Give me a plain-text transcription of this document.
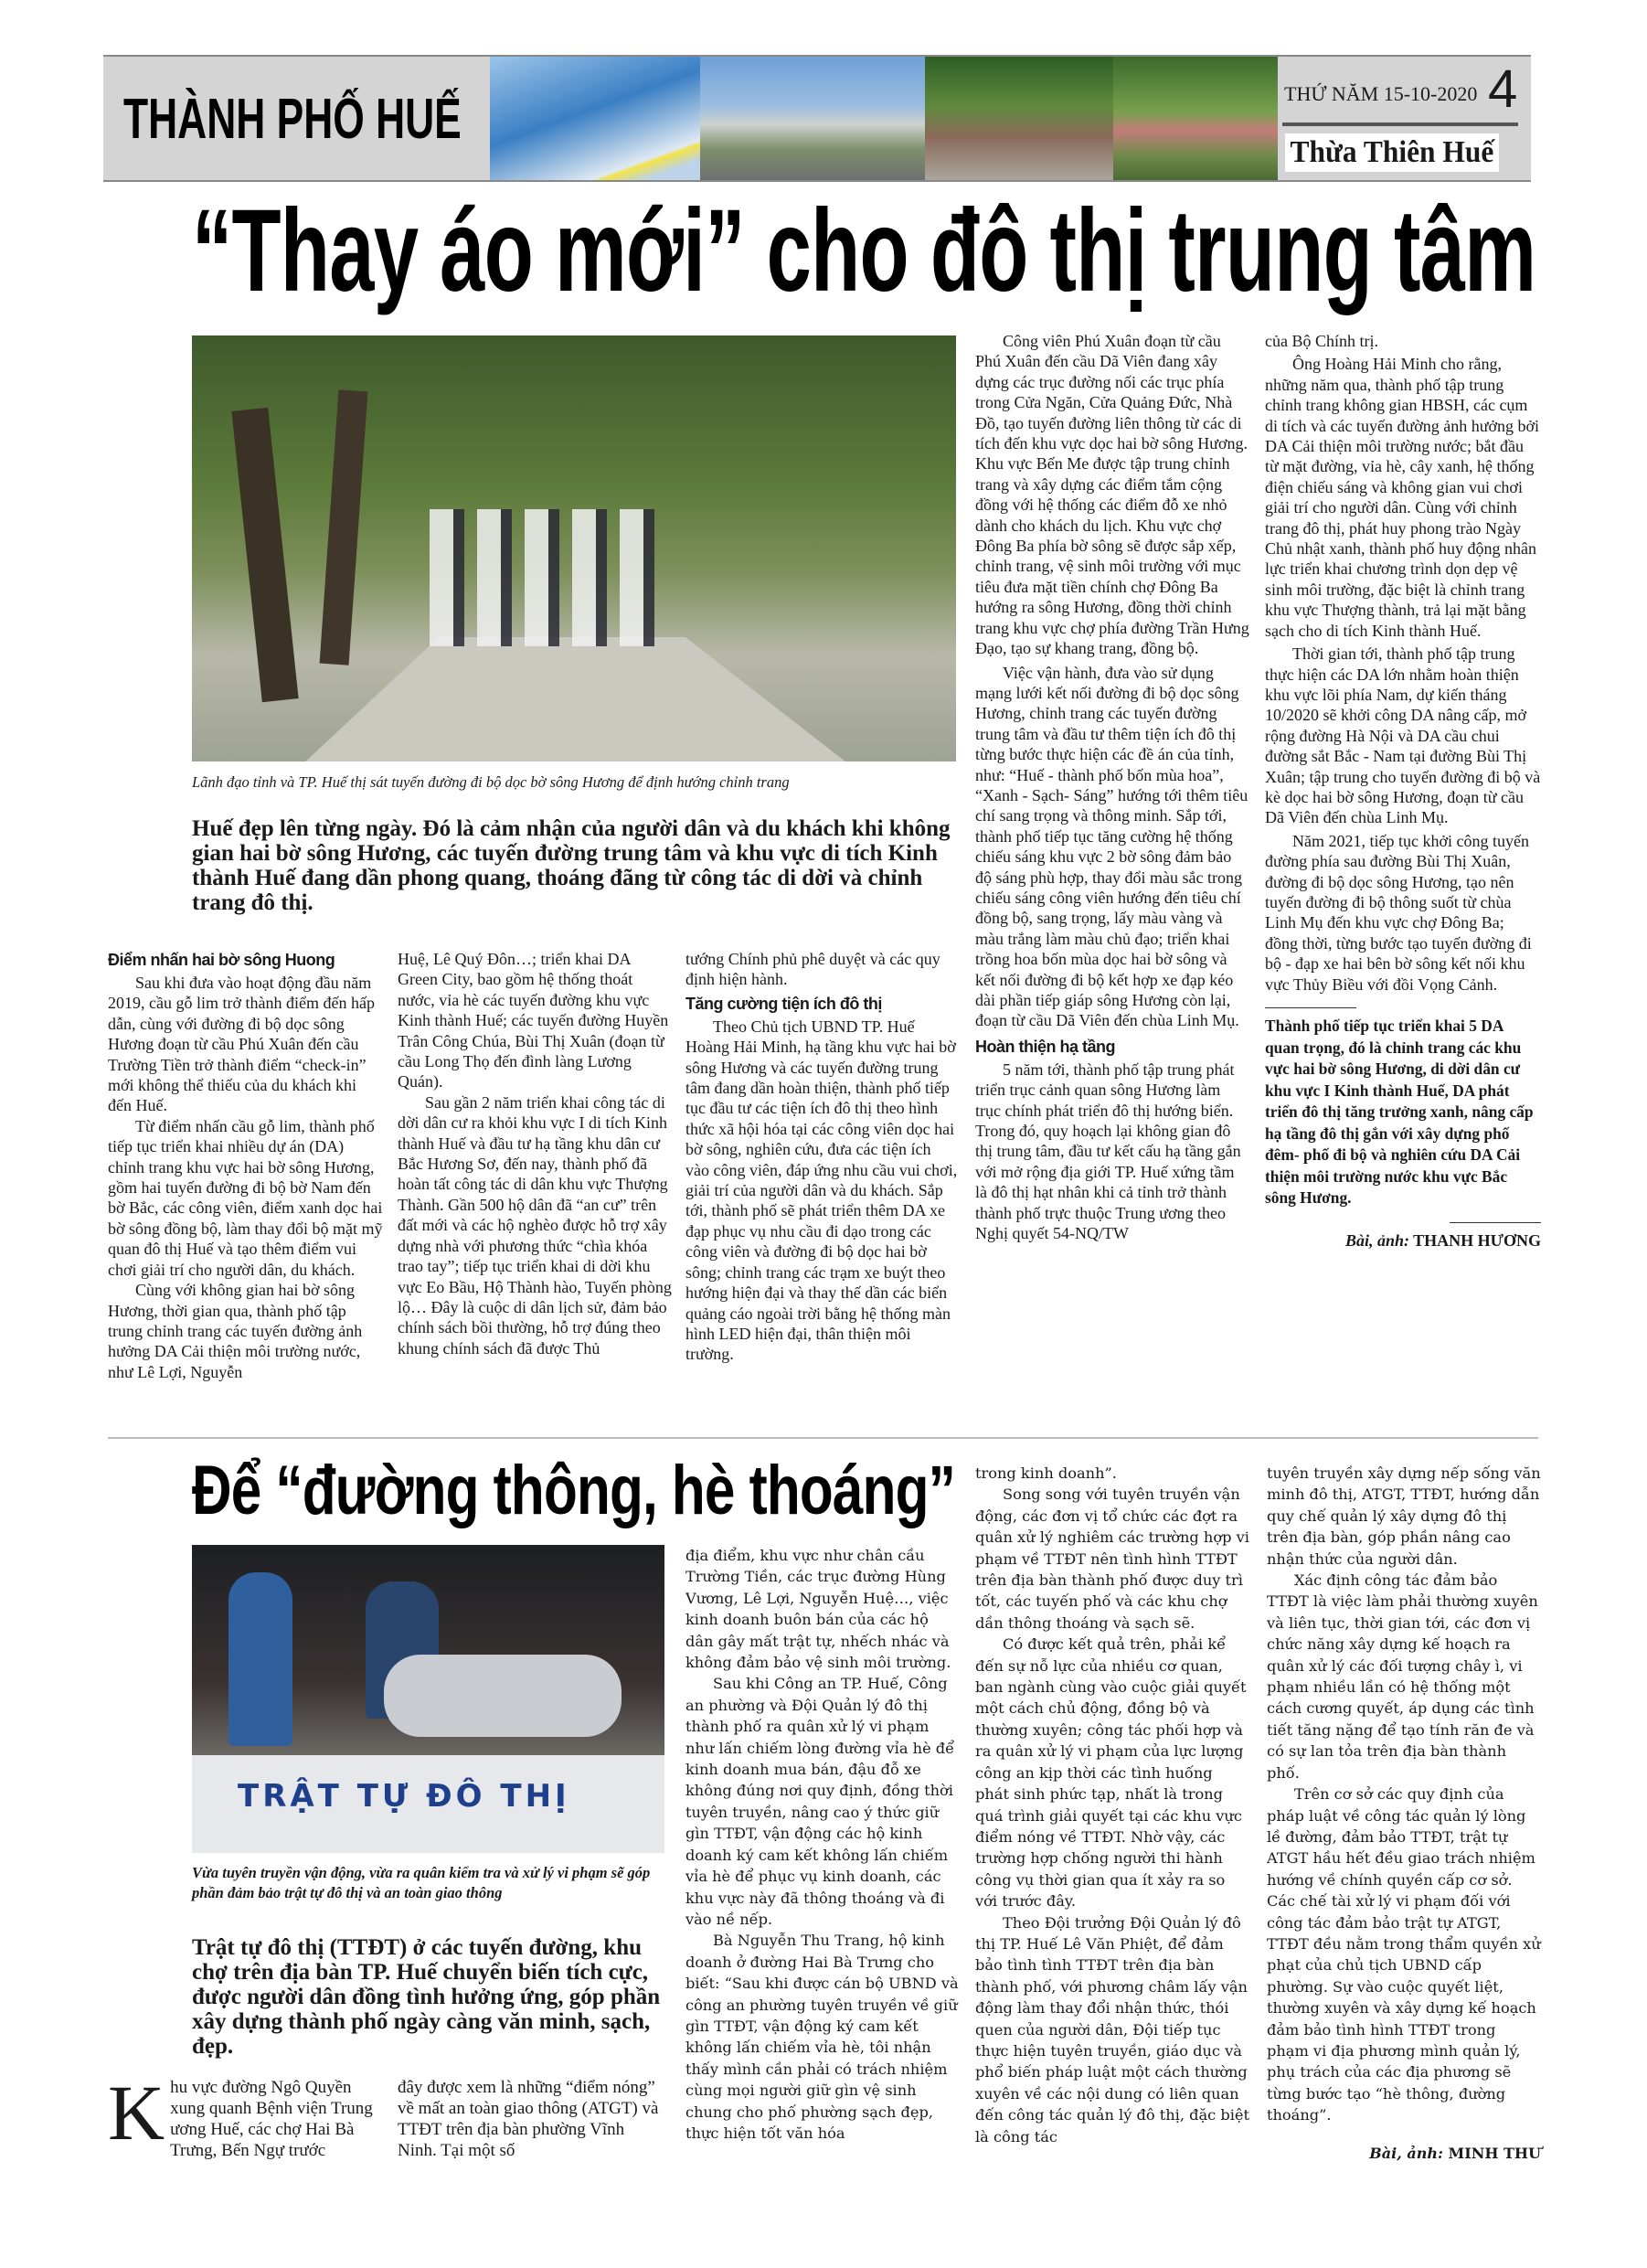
THÀNH PHỐ HUẾ	THỨ NĂM 15-10-2020 4
Thừa Thiên Huế
“Thay áo mới” cho đô thị trung tâm
Lãnh đạo tỉnh và TP. Huế thị sát tuyến đường đi bộ dọc bờ sông Hương để định hướng chỉnh trang
Huế đẹp lên từng ngày. Đó là cảm nhận của người dân và du khách khi không gian hai bờ sông Hương, các tuyến đường trung tâm và khu vực di tích Kinh thành Huế đang dần phong quang, thoáng đãng từ công tác di dời và chỉnh trang đô thị.
Điểm nhấn hai bờ sông Huong

Sau khi đưa vào hoạt động đầu năm 2019, cầu gỗ lim trở thành điểm đến hấp dẫn, cùng với đường đi bộ dọc sông Hương đoạn từ cầu Phú Xuân đến cầu Trường Tiền trở thành điểm “check-in” mới không thể thiếu của du khách khi đến Huế.

Từ điểm nhấn cầu gỗ lim, thành phố tiếp tục triển khai nhiều dự án (DA) chỉnh trang khu vực hai bờ sông Hương, gồm hai tuyến đường đi bộ bờ Nam đến bờ Bắc, các công viên, điểm xanh dọc hai bờ sông đồng bộ, làm thay đổi bộ mặt mỹ quan đô thị Huế và tạo thêm điểm vui chơi giải trí cho người dân, du khách.

Cùng với không gian hai bờ sông Hương, thời gian qua, thành phố tập trung chỉnh trang các tuyến đường ảnh hưởng DA Cải thiện môi trường nước, như Lê Lợi, Nguyễn

Huệ, Lê Quý Đôn…; triển khai DA Green City, bao gồm hệ thống thoát nước, vỉa hè các tuyến đường khu vực Kinh thành Huế; các tuyến đường Huyền Trân Công Chúa, Bùi Thị Xuân (đoạn từ cầu Long Thọ đến đình làng Lương Quán).

Sau gần 2 năm triển khai công tác di dời dân cư ra khỏi khu vực I di tích Kinh thành Huế và đầu tư hạ tầng khu dân cư Bắc Hương Sơ, đến nay, thành phố đã hoàn tất công tác di dân khu vực Thượng Thành. Gần 500 hộ dân đã “an cư” trên đất mới và các hộ nghèo được hỗ trợ xây dựng nhà với phương thức “chìa khóa trao tay”; tiếp tục triển khai di dời khu vực Eo Bầu, Hộ Thành hào, Tuyến phòng lộ… Đây là cuộc di dân lịch sử, đảm bảo chính sách bồi thường, hỗ trợ đúng theo khung chính sách đã được Thủ

tướng Chính phủ phê duyệt và các quy định hiện hành.

Tăng cường tiện ích đô thị

Theo Chủ tịch UBND TP. Huế Hoàng Hải Minh, hạ tầng khu vực hai bờ sông Hương và các tuyến đường trung tâm đang dần hoàn thiện, thành phố tiếp tục đầu tư các tiện ích đô thị theo hình thức xã hội hóa tại các công viên dọc hai bờ sông, nghiên cứu, đưa các tiện ích vào công viên, đáp ứng nhu cầu vui chơi, giải trí của người dân và du khách. Sắp tới, thành phố sẽ phát triển thêm DA xe đạp phục vụ nhu cầu đi dạo trong các công viên và đường đi bộ dọc hai bờ sông; chỉnh trang các trạm xe buýt theo hướng hiện đại và thay thế dần các biển quảng cáo ngoài trời bằng hệ thống màn hình LED hiện đại, thân thiện môi trường.

Công viên Phú Xuân đoạn từ cầu Phú Xuân đến cầu Dã Viên đang xây dựng các trục đường nối các trục phía trong Cửa Ngăn, Cửa Quảng Đức, Nhà Đồ, tạo tuyến đường liên thông từ các di tích đến khu vực dọc hai bờ sông Hương. Khu vực Bến Me được tập trung chỉnh trang và xây dựng các điểm tắm cộng đồng với hệ thống các điểm đỗ xe nhỏ dành cho khách du lịch. Khu vực chợ Đông Ba phía bờ sông sẽ được sắp xếp, chỉnh trang, vệ sinh môi trường với mục tiêu đưa mặt tiền chính chợ Đông Ba hướng ra sông Hương, đồng thời chỉnh trang khu vực chợ phía đường Trần Hưng Đạo, tạo sự khang trang, đồng bộ.

Việc vận hành, đưa vào sử dụng mạng lưới kết nối đường đi bộ dọc sông Hương, chỉnh trang các tuyến đường trung tâm và đầu tư thêm tiện ích đô thị từng bước thực hiện các đề án của tỉnh, như: “Huế - thành phố bốn mùa hoa”, “Xanh - Sạch- Sáng” hướng tới thêm tiêu chí sang trọng và thông minh. Sắp tới, thành phố tiếp tục tăng cường hệ thống chiếu sáng khu vực 2 bờ sông đảm bảo độ sáng phù hợp, thay đổi màu sắc trong chiếu sáng công viên hướng đến tiêu chí đồng bộ, sang trọng, lấy màu vàng và màu trắng làm màu chủ đạo; triển khai trồng hoa bốn mùa dọc hai bờ sông và kết nối đường đi bộ kết hợp xe đạp kéo dài phần tiếp giáp sông Hương còn lại, đoạn từ cầu Dã Viên đến chùa Linh Mụ.

Hoàn thiện hạ tầng

5 năm tới, thành phố tập trung phát triển trục cảnh quan sông Hương làm trục chính phát triển đô thị hướng biển. Trong đó, quy hoạch lại không gian đô thị trung tâm, đầu tư kết cấu hạ tầng gắn với mở rộng địa giới TP. Huế xứng tầm là đô thị hạt nhân khi cả tỉnh trở thành thành phố trực thuộc Trung ương theo Nghị quyết 54-NQ/TW

của Bộ Chính trị.

Ông Hoàng Hải Minh cho rằng, những năm qua, thành phố tập trung chỉnh trang không gian HBSH, các cụm di tích và các tuyến đường ảnh hưởng bởi DA Cải thiện môi trường nước; bắt đầu từ mặt đường, vỉa hè, cây xanh, hệ thống điện chiếu sáng và không gian vui chơi giải trí cho người dân. Cùng với chỉnh trang đô thị, phát huy phong trào Ngày Chủ nhật xanh, thành phố huy động nhân lực triển khai chương trình dọn dẹp vệ sinh môi trường, đặc biệt là chỉnh trang khu vực Thượng thành, trả lại mặt bằng sạch cho di tích Kinh thành Huế.

Thời gian tới, thành phố tập trung thực hiện các DA lớn nhằm hoàn thiện khu vực lõi phía Nam, dự kiến tháng 10/2020 sẽ khởi công DA nâng cấp, mở rộng đường Hà Nội và DA cầu chui đường sắt Bắc - Nam tại đường Bùi Thị Xuân; tập trung cho tuyến đường đi bộ và kè dọc hai bờ sông Hương, đoạn từ cầu Dã Viên đến chùa Linh Mụ.

Năm 2021, tiếp tục khởi công tuyến đường phía sau đường Bùi Thị Xuân, đường đi bộ dọc sông Hương, tạo nên tuyến đường đi bộ thông suốt từ chùa Linh Mụ đến khu vực chợ Đông Ba; đồng thời, từng bước tạo tuyến đường đi bộ - đạp xe hai bên bờ sông kết nối khu vực Thủy Biều với đồi Vọng Cảnh.

Thành phố tiếp tục triển khai 5 DA quan trọng, đó là chỉnh trang các khu vực hai bờ sông Hương, di dời dân cư khu vực I Kinh thành Huế, DA phát triển đô thị tăng trưởng xanh, nâng cấp hạ tầng đô thị gắn với xây dựng phố đêm- phố đi bộ và nghiên cứu DA Cải thiện môi trường nước khu vực Bắc sông Hương.
Bài, ảnh: THANH HƯƠNG
Để “đường thông, hè thoáng”
TRẬT TỰ ĐÔ THỊ
Vừa tuyên truyền vận động, vừa ra quân kiểm tra và xử lý vi phạm sẽ góp phần đảm bảo trật tự đô thị và an toàn giao thông
Trật tự đô thị (TTĐT) ở các tuyến đường, khu chợ trên địa bàn TP. Huế chuyển biến tích cực, được người dân đồng tình hưởng ứng, góp phần xây dựng thành phố ngày càng văn minh, sạch, đẹp.
Khu vực đường Ngô Quyền xung quanh Bệnh viện Trung ương Huế, các chợ Hai Bà Trưng, Bến Ngự trước

đây được xem là những “điểm nóng” về mất an toàn giao thông (ATGT) và TTĐT trên địa bàn phường Vĩnh Ninh. Tại một số

địa điểm, khu vực như chân cầu Trường Tiền, các trục đường Hùng Vương, Lê Lợi, Nguyễn Huệ…, việc kinh doanh buôn bán của các hộ dân gây mất trật tự, nhếch nhác và không đảm bảo vệ sinh môi trường.

Sau khi Công an TP. Huế, Công an phường và Đội Quản lý đô thị thành phố ra quân xử lý vi phạm như lấn chiếm lòng đường vỉa hè để kinh doanh mua bán, đậu đỗ xe không đúng nơi quy định, đồng thời tuyên truyền, nâng cao ý thức giữ gìn TTĐT, vận động các hộ kinh doanh ký cam kết không lấn chiếm vỉa hè để phục vụ kinh doanh, các khu vực này đã thông thoáng và đi vào nề nếp.

Bà Nguyễn Thu Trang, hộ kinh doanh ở đường Hai Bà Trưng cho biết: “Sau khi được cán bộ UBND và công an phường tuyên truyền về giữ gìn TTĐT, vận động ký cam kết không lấn chiếm vỉa hè, tôi nhận thấy mình cần phải có trách nhiệm cùng mọi người giữ gìn vệ sinh chung cho phố phường sạch đẹp, thực hiện tốt văn hóa

trong kinh doanh”.

Song song với tuyên truyền vận động, các đơn vị tổ chức các đợt ra quân xử lý nghiêm các trường hợp vi phạm về TTĐT nên tình hình TTĐT trên địa bàn thành phố được duy trì tốt, các tuyến phố và các khu chợ dần thông thoáng và sạch sẽ.

Có được kết quả trên, phải kể đến sự nỗ lực của nhiều cơ quan, ban ngành cùng vào cuộc giải quyết một cách chủ động, đồng bộ và thường xuyên; công tác phối hợp và ra quân xử lý vi phạm của lực lượng công an kịp thời các tình huống phát sinh phức tạp, nhất là trong quá trình giải quyết tại các khu vực điểm nóng về TTĐT. Nhờ vậy, các trường hợp chống người thi hành công vụ thời gian qua ít xảy ra so với trước đây.

Theo Đội trưởng Đội Quản lý đô thị TP. Huế Lê Văn Phiệt, để đảm bảo tình tình TTĐT trên địa bàn thành phố, với phương châm lấy vận động làm thay đổi nhận thức, thói quen của người dân, Đội tiếp tục thực hiện tuyên truyền, giáo dục và phổ biến pháp luật một cách thường xuyên về các nội dung có liên quan đến công tác quản lý đô thị, đặc biệt là công tác

tuyên truyền xây dựng nếp sống văn minh đô thị, ATGT, TTĐT, hướng dẫn quy chế quản lý xây dựng đô thị trên địa bàn, góp phần nâng cao nhận thức của người dân.

Xác định công tác đảm bảo TTĐT là việc làm phải thường xuyên và liên tục, thời gian tới, các đơn vị chức năng xây dựng kế hoạch ra quân xử lý các đối tượng chây ì, vi phạm nhiều lần có hệ thống một cách cương quyết, áp dụng các tình tiết tăng nặng để tạo tính răn đe và có sự lan tỏa trên địa bàn thành phố.

Trên cơ sở các quy định của pháp luật về công tác quản lý lòng lề đường, đảm bảo TTĐT, trật tự ATGT hầu hết đều giao trách nhiệm hướng về chính quyền cấp cơ sở. Các chế tài xử lý vi phạm đối với công tác đảm bảo trật tự ATGT, TTĐT đều nằm trong thẩm quyền xử phạt của chủ tịch UBND cấp phường. Sự vào cuộc quyết liệt, thường xuyên và xây dựng kế hoạch đảm bảo tình hình TTĐT trong phạm vi địa phương mình quản lý, phụ trách của các địa phương sẽ từng bước tạo “hè thông, đường thoáng”.

Bài, ảnh: MINH THƯ
